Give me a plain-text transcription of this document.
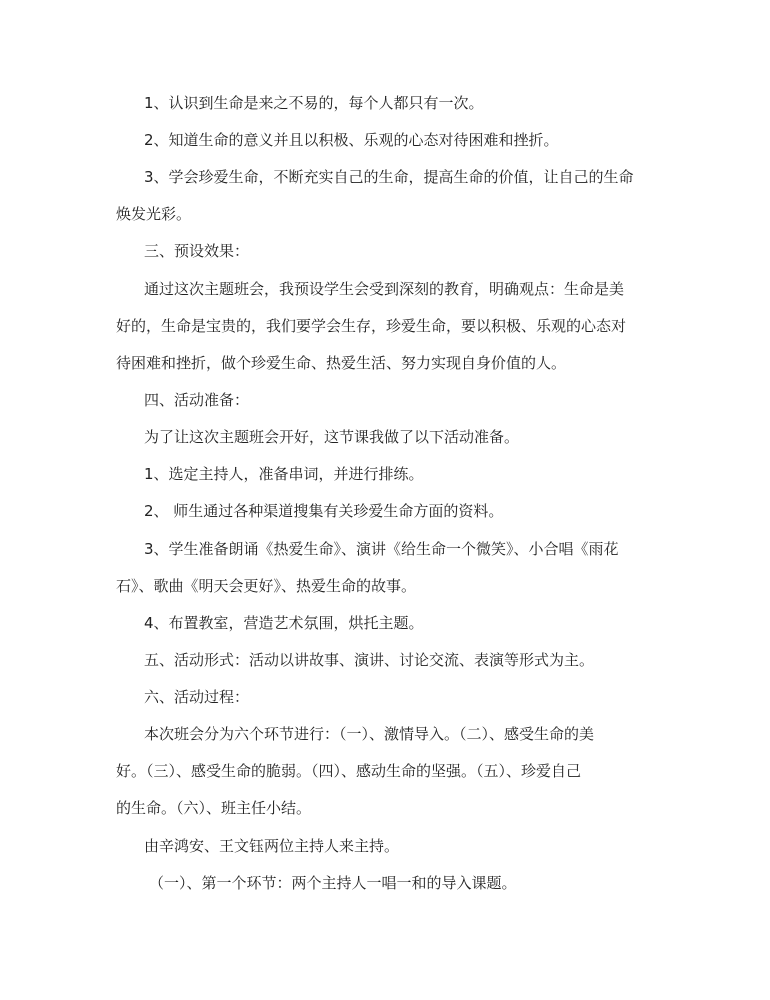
1、认识到生命是来之不易的，每个人都只有一次。
2、知道生命的意义并且以积极、乐观的心态对待困难和挫折。
3、学会珍爱生命，不断充实自己的生命，提高生命的价值，让自己的生命
焕发光彩。
三、预设效果：
通过这次主题班会，我预设学生会受到深刻的教育，明确观点：生命是美
好的，生命是宝贵的，我们要学会生存，珍爱生命，要以积极、乐观的心态对
待困难和挫折，做个珍爱生命、热爱生活、努力实现自身价值的人。
四、活动准备：
为了让这次主题班会开好，这节课我做了以下活动准备。
1、选定主持人，准备串词，并进行排练。
2、 师生通过各种渠道搜集有关珍爱生命方面的资料。
3、学生准备朗诵《热爱生命》、演讲《给生命一个微笑》、小合唱《雨花
石》、歌曲《明天会更好》、热爱生命的故事。
4、布置教室，营造艺术氛围，烘托主题。
五、活动形式：活动以讲故事、演讲、讨论交流、表演等形式为主。
六、活动过程：
本次班会分为六个环节进行：（一）、激情导入。（二）、感受生命的美
好。（三）、感受生命的脆弱。（四）、感动生命的坚强。（五）、珍爱自己
的生命。（六）、班主任小结。
由辛鸿安、王文钰两位主持人来主持。
（一）、第一个环节：两个主持人一唱一和的导入课题。
